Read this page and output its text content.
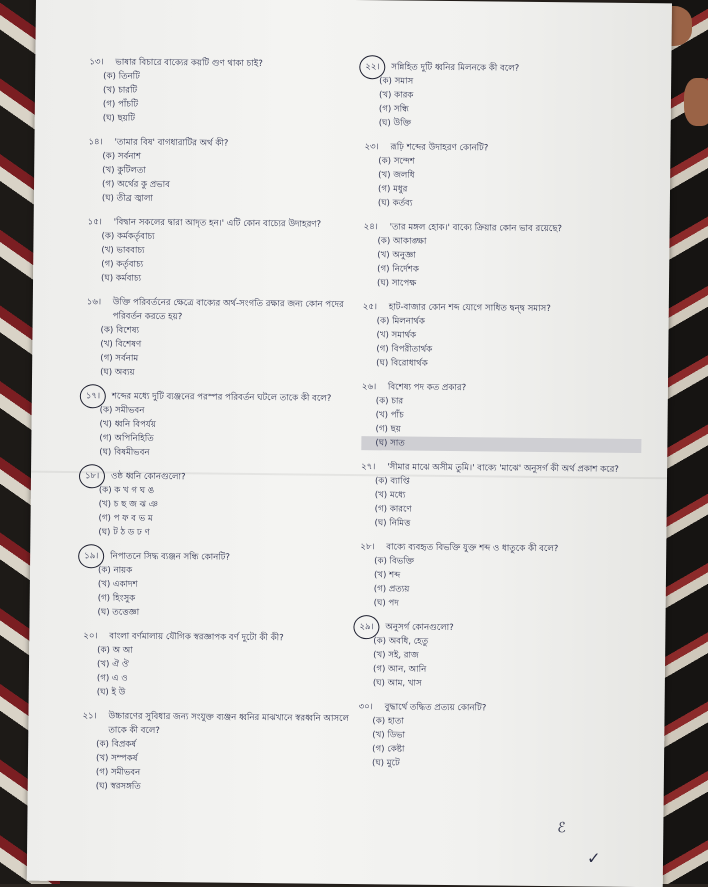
১৩।	ভাষার বিচারে বাক্যের কয়টি গুণ থাকা চাই?
(ক) তিনটি
(খ) চারটি
(গ) পাঁচটি
(ঘ) ছয়টি
১৪।	'তামার বিষ' বাগধারাটির অর্থ কী?
(ক) সর্বনাশ
(খ) কুটিলতা
(গ) অর্থের কু প্রভাব
(ঘ) তীব্র জ্বালা
১৫।	'বিদ্বান সকলের দ্বারা আদৃত হন।' এটি কোন বাচ্যের উদাহরণ?
(ক) কর্মকর্তৃবাচ্য
(খ) ভাববাচ্য
(গ) কর্তৃবাচ্য
(ঘ) কর্মবাচ্য
১৬।	উক্তি পরিবর্তনের ক্ষেত্রে বাক্যের অর্থ-সংগতি রক্ষার জন্য কোন পদের পরিবর্তন করতে হয়?
(ক) বিশেষ্য
(খ) বিশেষণ
(গ) সর্বনাম
(ঘ) অব্যয়
১৭।	শব্দের মধ্যে দুটি ব্যঞ্জনের পরস্পর পরিবর্তন ঘটলে তাকে কী বলে?
(ক) সমীভবন
(খ) ধ্বনি বিপর্যয়
(গ) অপিনিহিতি
(ঘ) বিষমীভবন
১৮।	ওষ্ঠ ধ্বনি কোনগুলো?
(ক) ক খ গ ঘ ঙ
(খ) চ ছ জ ঝ ঞ
(গ) প ফ ব ভ ম
(ঘ) ট ঠ ড ঢ ণ
১৯।	নিপাতনে সিদ্ধ ব্যঞ্জন সন্ধি কোনটি?
(ক) নায়ক
(খ) একাদশ
(গ) হিংসুক
(ঘ) তত্তেজ্ঞা
২০।	বাংলা বর্ণমালায় যৌগিক স্বরজ্ঞাপক বর্ণ দুটো কী কী?
(ক) অ আ
(খ) ঐ ঔ
(গ) এ ও
(ঘ) ই উ
২১।	উচ্চারণের সুবিধার জন্য সংযুক্ত ব্যঞ্জন ধ্বনির মাঝখানে স্বরধ্বনি আসলে তাকে কী বলে?
(ক) বিপ্রকর্ষ
(খ) সম্পকর্ষ
(গ) সমীভবন
(ঘ) স্বরসঙ্গতি
২২।	সন্নিহিত দুটি ধ্বনির মিলনকে কী বলে?
(ক) সমাস
(খ) কারক
(গ) সন্ধি
(ঘ) উক্তি
২৩।	রূঢ়ি শব্দের উদাহরণ কোনটি?
(ক) সন্দেশ
(খ) জলধি
(গ) মধুর
(ঘ) কর্তব্য
২৪।	'তার মঙ্গল হোক।' বাক্যে ক্রিয়ার কোন ভাব রয়েছে?
(ক) আকাঙ্ক্ষা
(খ) অনুজ্ঞা
(গ) নির্দেশক
(ঘ) সাপেক্ষ
২৫।	হাট-বাজার কোন শব্দ যোগে সাধিত দ্বন্দ্ব সমাস?
(ক) মিলনার্থক
(খ) সমার্থক
(গ) বিপরীতার্থক
(ঘ) বিরোধার্থক
২৬।	বিশেষ্য পদ কত প্রকার?
(ক) চার
(খ) পাঁচ
(গ) ছয়
(ঘ) সাত
২৭।	'সীমার মাঝে অসীম তুমি।' বাক্যে 'মাঝে' অনুসর্গ কী অর্থ প্রকাশ করে?
(ক) ব্যাপ্তি
(খ) মধ্যে
(গ) কারণে
(ঘ) নিমিত্ত
২৮।	বাক্যে ব্যবহৃত বিভক্তি যুক্ত শব্দ ও ধাতুকে কী বলে?
(ক) বিভক্তি
(খ) শব্দ
(গ) প্রত্যয়
(ঘ) পদ
২৯।	অনুসর্গ কোনগুলো?
(ক) অবধি, হেতু
(খ) সই, রাজ
(গ) আন, আনি
(ঘ) আম, খাস
৩০।	বুদ্ধার্থে তদ্ধিত প্রত্যয় কোনটি?
(ক) হাতা
(খ) ডিভা
(গ) কেষ্টা
(ঘ) মুটে
ℰ
✓
